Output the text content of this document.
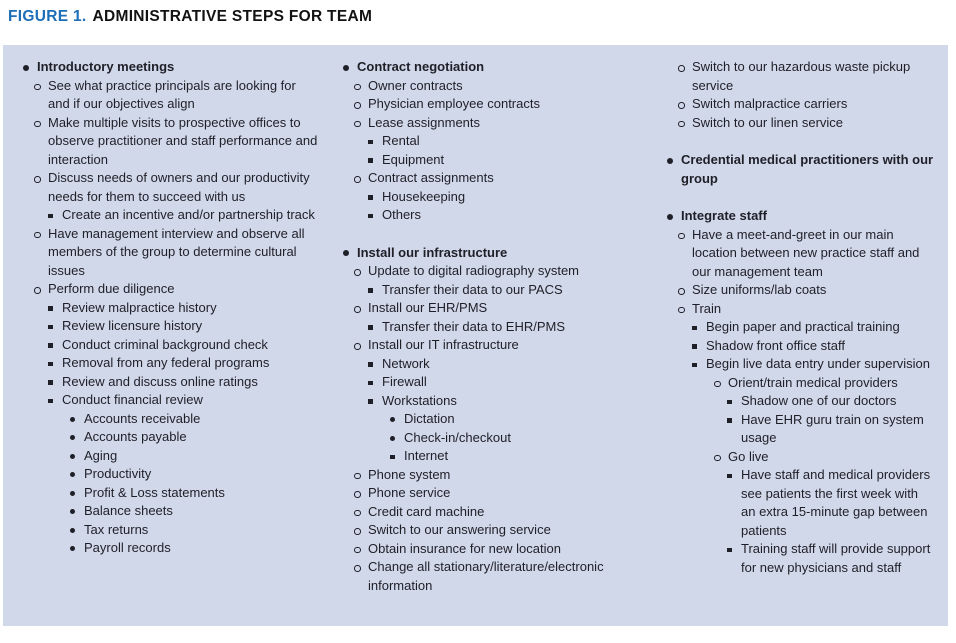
FIGURE 1. ADMINISTRATIVE STEPS FOR TEAM
Introductory meetings
See what practice principals are looking for and if our objectives align
Make multiple visits to prospective offices to observe practitioner and staff performance and interaction
Discuss needs of owners and our productivity needs for them to succeed with us
Create an incentive and/or partnership track
Have management interview and observe all members of the group to determine cultural issues
Perform due diligence
Review malpractice history
Review licensure history
Conduct criminal background check
Removal from any federal programs
Review and discuss online ratings
Conduct financial review
Accounts receivable
Accounts payable
Aging
Productivity
Profit & Loss statements
Balance sheets
Tax returns
Payroll records
Contract negotiation
Owner contracts
Physician employee contracts
Lease assignments
Rental
Equipment
Contract assignments
Housekeeping
Others
Install our infrastructure
Update to digital radiography system
Transfer their data to our PACS
Install our EHR/PMS
Transfer their data to EHR/PMS
Install our IT infrastructure
Network
Firewall
Workstations
Dictation
Check-in/checkout
Internet
Phone system
Phone service
Credit card machine
Switch to our answering service
Obtain insurance for new location
Change all stationary/literature/electronic information
Switch to our hazardous waste pickup service
Switch malpractice carriers
Switch to our linen service
Credential medical practitioners with our group
Integrate staff
Have a meet-and-greet in our main location between new practice staff and our management team
Size uniforms/lab coats
Train
Begin paper and practical training
Shadow front office staff
Begin live data entry under supervision
Orient/train medical providers
Shadow one of our doctors
Have EHR guru train on system usage
Go live
Have staff and medical providers see patients the first week with an extra 15-minute gap between patients
Training staff will provide support for new physicians and staff
